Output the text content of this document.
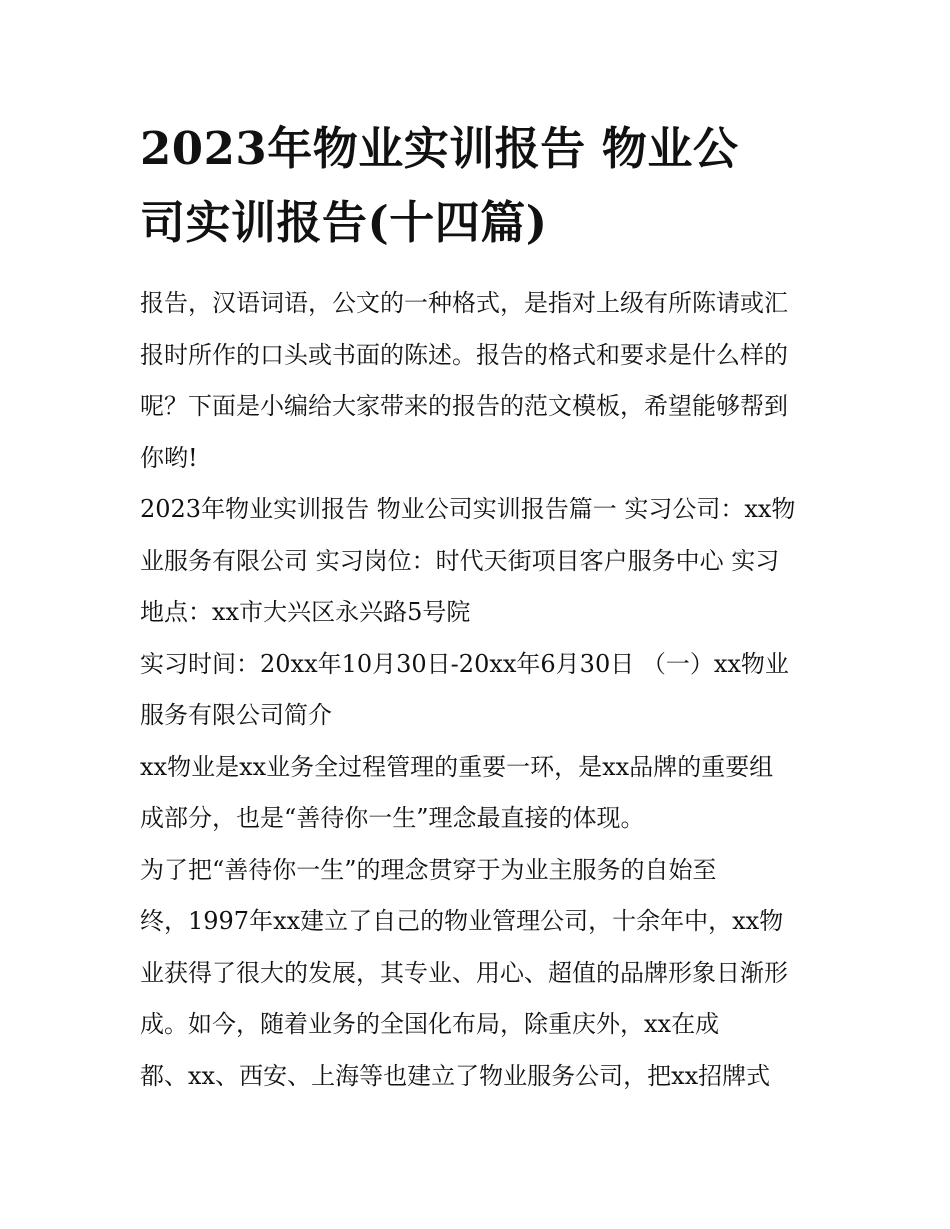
2023年物业实训报告 物业公
司实训报告(十四篇)
报告，汉语词语，公文的一种格式，是指对上级有所陈请或汇
报时所作的口头或书面的陈述。报告的格式和要求是什么样的
呢？下面是小编给大家带来的报告的范文模板，希望能够帮到
你哟!
2023年物业实训报告 物业公司实训报告篇一 实习公司：xx物
业服务有限公司 实习岗位：时代天街项目客户服务中心 实习
地点：xx市大兴区永兴路5号院
实习时间：20xx年10月30日-20xx年6月30日 （一）xx物业
服务有限公司简介
xx物业是xx业务全过程管理的重要一环，是xx品牌的重要组
成部分，也是“善待你一生”理念最直接的体现。
为了把“善待你一生”的理念贯穿于为业主服务的自始至
终，1997年xx建立了自己的物业管理公司，十余年中，xx物
业获得了很大的发展，其专业、用心、超值的品牌形象日渐形
成。如今，随着业务的全国化布局，除重庆外，xx在成
都、xx、西安、上海等也建立了物业服务公司，把xx招牌式
